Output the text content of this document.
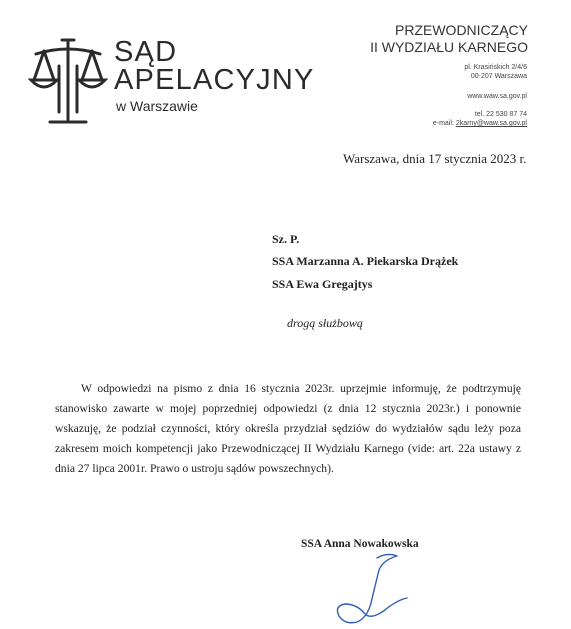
SĄD
APELACYJNY
w Warszawie
PRZEWODNICZĄCY
II WYDZIAŁU KARNEGO
pl. Krasińskich 2/4/6
00-207 Warszawa
www.waw.sa.gov.pl
tel. 22 530 87 74
e-mail: 2karny@waw.sa.gov.pl
Warszawa, dnia 17 stycznia 2023 r.
Sz. P.
SSA Marzanna A. Piekarska Drążek
SSA Ewa Gregajtys
drogą służbową

W odpowiedzi na pismo z dnia 16 stycznia 2023r. uprzejmie informuję, że podtrzymuję stanowisko zawarte w mojej poprzedniej odpowiedzi (z dnia 12 stycznia 2023r.) i ponownie wskazuję, że podział czynności, który określa przydział sędziów do wydziałów sądu leży poza zakresem moich kompetencji jako Przewodniczącej II Wydziału Karnego (vide: art. 22a ustawy z dnia 27 lipca 2001r. Prawo o ustroju sądów powszechnych).

SSA Anna Nowakowska
